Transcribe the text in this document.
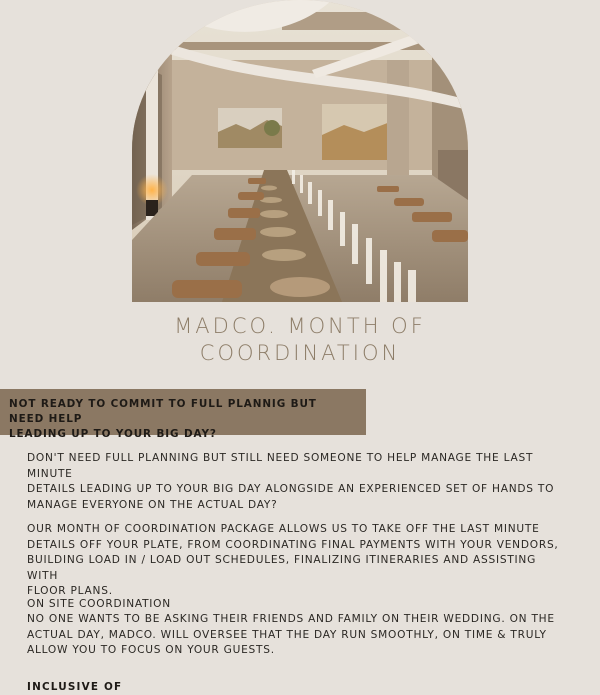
MADCO. MONTH OF

COORDINATION

NOT READY TO COMMIT TO FULL PLANNIG BUT NEED HELP
LEADING UP TO YOUR BIG DAY?

DON'T NEED FULL PLANNING BUT STILL NEED SOMEONE TO HELP MANAGE THE LAST MINUTE
DETAILS LEADING UP TO YOUR BIG DAY ALONGSIDE AN EXPERIENCED SET OF HANDS TO
MANAGE EVERYONE ON THE ACTUAL DAY?

OUR MONTH OF COORDINATION PACKAGE ALLOWS US TO TAKE OFF THE LAST MINUTE
DETAILS OFF YOUR PLATE, FROM COORDINATING FINAL PAYMENTS WITH YOUR VENDORS,
BUILDING LOAD IN / LOAD OUT SCHEDULES, FINALIZING ITINERARIES AND ASSISTING WITH
FLOOR PLANS.

ON SITE COORDINATION

NO ONE WANTS TO BE ASKING THEIR FRIENDS AND FAMILY ON THEIR WEDDING. ON THE
ACTUAL DAY, MADCO. WILL OVERSEE THAT THE DAY RUN SMOOTHLY, ON TIME & TRULY
ALLOW YOU TO FOCUS ON YOUR GUESTS.

INCLUSIVE OF
